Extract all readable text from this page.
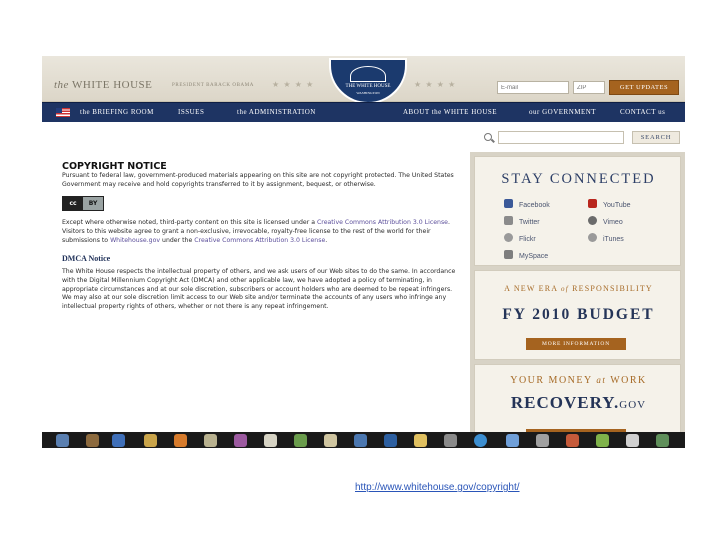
the WHITE HOUSE	PRESIDENT BARACK OBAMA ★ ★ ★ ★	★ ★ ★ ★
THE WHITE HOUSE
WASHINGTON
E-mail
ZIP
GET UPDATES
the BRIEFING ROOM	ISSUES	the ADMINISTRATION	ABOUT the WHITE HOUSE	our GOVERNMENT	CONTACT us
SEARCH
COPYRIGHT NOTICE

Pursuant to federal law, government-produced materials appearing on this site are not copyright protected. The United States Government may receive and hold copyrights transferred to it by assignment, bequest, or otherwise.

cc	BY

Except where otherwise noted, third-party content on this site is licensed under a Creative Commons Attribution 3.0 License. Visitors to this website agree to grant a non-exclusive, irrevocable, royalty-free license to the rest of the world for their submissions to Whitehouse.gov under the Creative Commons Attribution 3.0 License.

DMCA Notice

The White House respects the intellectual property of others, and we ask users of our Web sites to do the same. In accordance with the Digital Millennium Copyright Act (DMCA) and other applicable law, we have adopted a policy of terminating, in appropriate circumstances and at our sole discretion, subscribers or account holders who are deemed to be repeat infringers. We may also at our sole discretion limit access to our Web site and/or terminate the accounts of any users who infringe any intellectual property rights of others, whether or not there is any repeat infringement.

STAY CONNECTED
Facebook	YouTube
Twitter	Vimeo
Flickr	iTunes
MySpace
A NEW ERA of RESPONSIBILITY
FY 2010 BUDGET
MORE INFORMATION
YOUR MONEY at WORK
RECOVERY.GOV
http://www.whitehouse.gov/copyright/
